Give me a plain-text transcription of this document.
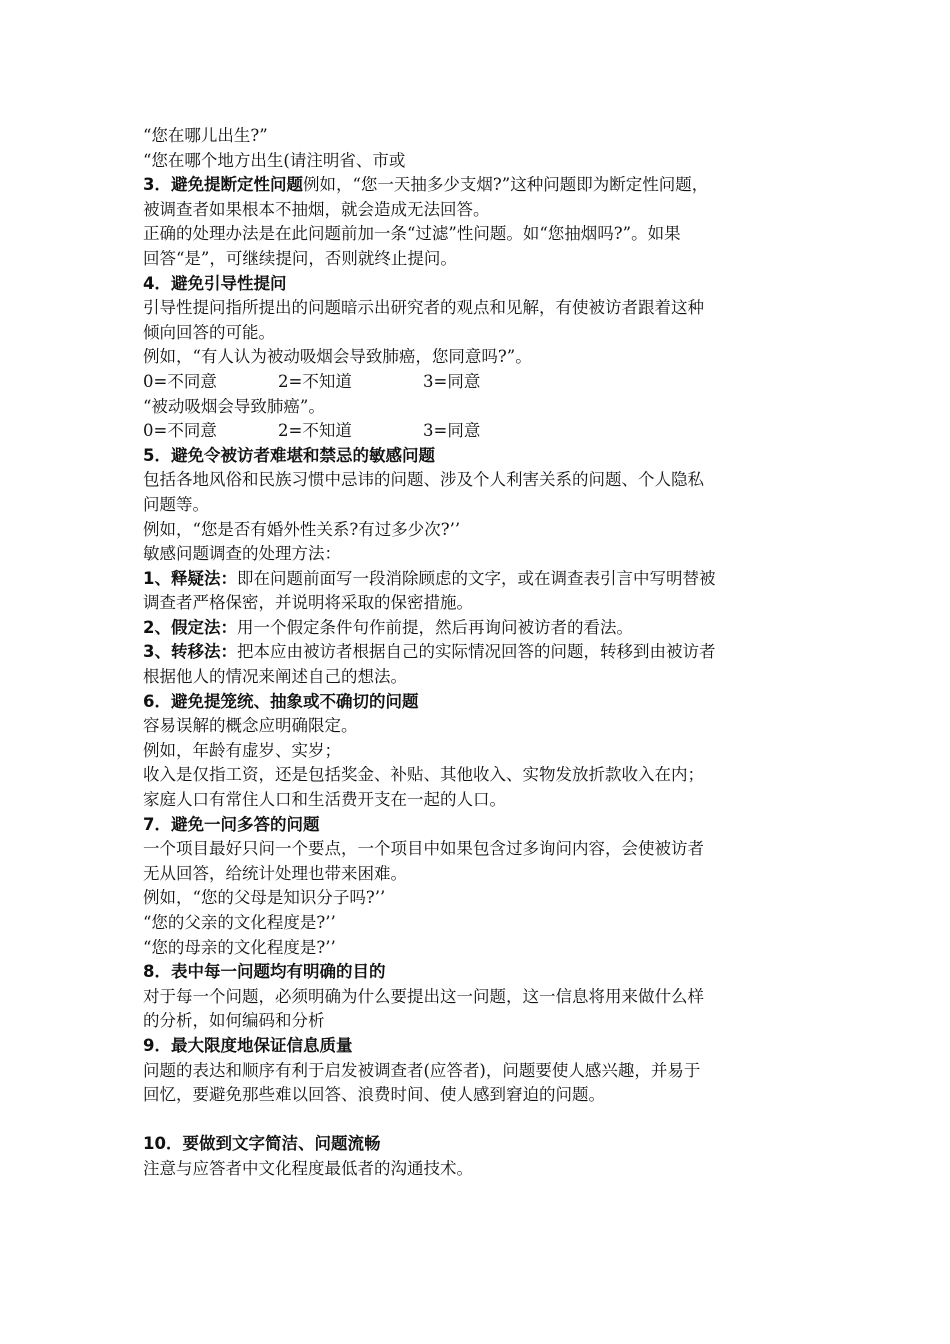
“您在哪儿出生?”
“您在哪个地方出生(请注明省、市或
3．避免提断定性问题例如，“您一天抽多少支烟?”这种问题即为断定性问题，
被调查者如果根本不抽烟，就会造成无法回答。
正确的处理办法是在此问题前加一条“过滤”性问题。如“您抽烟吗?”。如果
回答“是”，可继续提问，否则就终止提问。
4．避免引导性提问
引导性提问指所提出的问题暗示出研究者的观点和见解，有使被访者跟着这种
倾向回答的可能。
例如，“有人认为被动吸烟会导致肺癌，您同意吗?”。
0=不同意	2=不知道	3=同意
“被动吸烟会导致肺癌”。
0=不同意	2=不知道	3=同意
5．避免令被访者难堪和禁忌的敏感问题
包括各地风俗和民族习惯中忌讳的问题、涉及个人利害关系的问题、个人隐私
问题等。
例如，“您是否有婚外性关系?有过多少次?’’
敏感问题调查的处理方法：
1、释疑法：即在问题前面写一段消除顾虑的文字，或在调查表引言中写明替被
调查者严格保密，并说明将采取的保密措施。
2、假定法：用一个假定条件句作前提，然后再询问被访者的看法。
3、转移法：把本应由被访者根据自己的实际情况回答的问题，转移到由被访者
根据他人的情况来阐述自己的想法。
6．避免提笼统、抽象或不确切的问题
容易误解的概念应明确限定。
例如，年龄有虚岁、实岁；
收入是仅指工资，还是包括奖金、补贴、其他收入、实物发放折款收入在内；
家庭人口有常住人口和生活费开支在一起的人口。
7．避免一问多答的问题
一个项目最好只问一个要点，一个项目中如果包含过多询问内容，会使被访者
无从回答，给统计处理也带来困难。
例如，“您的父母是知识分子吗?’’
“您的父亲的文化程度是?’’
“您的母亲的文化程度是?’’
8．表中每一问题均有明确的目的
对于每一个问题，必须明确为什么要提出这一问题，这一信息将用来做什么样
的分析，如何编码和分析
9．最大限度地保证信息质量
问题的表达和顺序有利于启发被调查者(应答者)，问题要使人感兴趣，并易于
回忆，要避免那些难以回答、浪费时间、使人感到窘迫的问题。
10．要做到文字简洁、问题流畅
注意与应答者中文化程度最低者的沟通技术。
